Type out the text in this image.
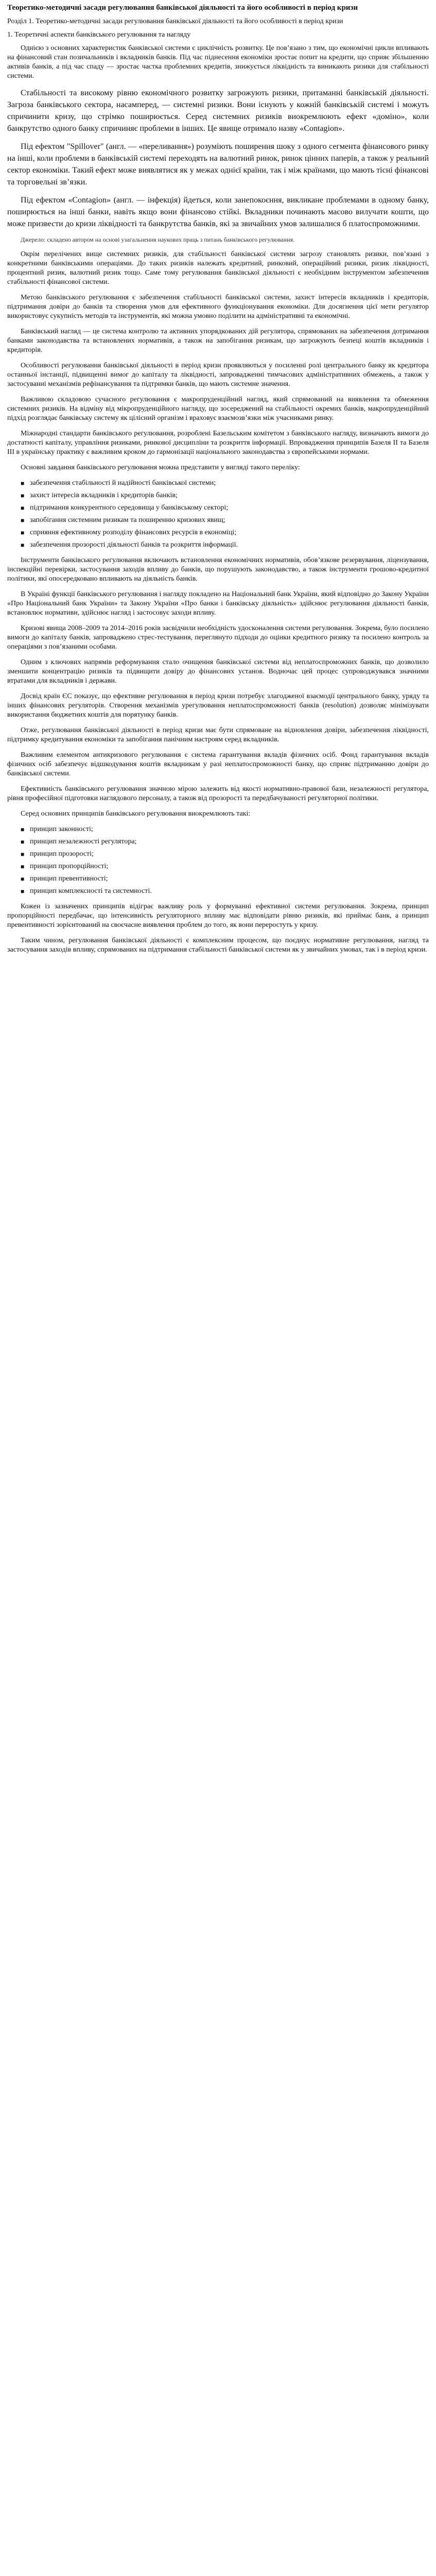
Теоретико-методичні засади регулювання банківської діяльності та його особливості в період кризи
Розділ 1. Теоретико-методичні засади регулювання банківської діяльності та його особливості в період кризи
1. Теоретичні аспекти банківського регулювання та нагляду

Однією з основних характеристик банківської системи є циклічність розвитку. Це пов’язано з тим, що економічні цикли впливають на фінансовий стан позичальників і вкладників банків. Під час піднесення економіки зростає попит на кредити, що сприяє збільшенню активів банків, а під час спаду — зростає частка проблемних кредитів, знижується ліквідність та виникають ризики для стабільності системи.

Стабільності та високому рівню економічного розвитку загрожують ризики, притаманні банківській діяльності. Загроза банківського сектора, насамперед, — системні ризики. Вони існують у кожній банківській системі і можуть спричинити кризу, що стрімко поширюється. Серед системних ризиків виокремлюють ефект «доміно», коли банкрутство одного банку спричиняє проблеми в інших. Це явище отримало назву «Contagion».

Під ефектом "Spillover" (англ. — «переливання») розуміють поширення шоку з одного сегмента фінансового ринку на інші, коли проблеми в банківській системі переходять на валютний ринок, ринок цінних паперів, а також у реальний сектор економіки. Такий ефект може виявлятися як у межах однієї країни, так і між країнами, що мають тісні фінансові та торговельні зв’язки.

Під ефектом «Contagion» (англ. — інфекція) йдеться, коли занепокоєння, викликане проблемами в одному банку, поширюється на інші банки, навіть якщо вони фінансово стійкі. Вкладники починають масово вилучати кошти, що може призвести до кризи ліквідності та банкрутства банків, які за звичайних умов залишалися б платоспроможними.

Джерело: складено автором на основі узагальнення наукових праць з питань банківського регулювання.

Окрім перелічених вище системних ризиків, для стабільності банківської системи загрозу становлять ризики, пов’язані з конкретними банківськими операціями. До таких ризиків належать кредитний, ринковий, операційний ризики, ризик ліквідності, процентний ризик, валютний ризик тощо. Саме тому регулювання банківської діяльності є необхідним інструментом забезпечення стабільності фінансової системи.

Метою банківського регулювання є забезпечення стабільності банківської системи, захист інтересів вкладників і кредиторів, підтримання довіри до банків та створення умов для ефективного функціонування економіки. Для досягнення цієї мети регулятор використовує сукупність методів та інструментів, які можна умовно поділити на адміністративні та економічні.

Банківський нагляд — це система контролю та активних упорядкованих дій регулятора, спрямованих на забезпечення дотримання банками законодавства та встановлених нормативів, а також на запобігання ризикам, що загрожують безпеці коштів вкладників і кредиторів.

Особливості регулювання банківської діяльності в період кризи проявляються у посиленні ролі центрального банку як кредитора останньої інстанції, підвищенні вимог до капіталу та ліквідності, запровадженні тимчасових адміністративних обмежень, а також у застосуванні механізмів рефінансування та підтримки банків, що мають системне значення.

Важливою складовою сучасного регулювання є макропруденційний нагляд, який спрямований на виявлення та обмеження системних ризиків. На відміну від мікропруденційного нагляду, що зосереджений на стабільності окремих банків, макропруденційний підхід розглядає банківську систему як цілісний організм і враховує взаємозв’язки між учасниками ринку.

Міжнародні стандарти банківського регулювання, розроблені Базельським комітетом з банківського нагляду, визначають вимоги до достатності капіталу, управління ризиками, ринкової дисципліни та розкриття інформації. Впровадження принципів Базеля ІІ та Базеля ІІІ в українську практику є важливим кроком до гармонізації національного законодавства з європейськими нормами.

Основні завдання банківського регулювання можна представити у вигляді такого переліку:

■ забезпечення стабільності й надійності банківської системи;
■ захист інтересів вкладників і кредиторів банків;
■ підтримання конкурентного середовища у банківському секторі;
■ запобігання системним ризикам та поширенню кризових явищ;
■ сприяння ефективному розподілу фінансових ресурсів в економіці;
■ забезпечення прозорості діяльності банків та розкриття інформації.

Інструменти банківського регулювання включають встановлення економічних нормативів, обов’язкове резервування, ліцензування, інспекційні перевірки, застосування заходів впливу до банків, що порушують законодавство, а також інструменти грошово-кредитної політики, які опосередковано впливають на діяльність банків.

В Україні функції банківського регулювання і нагляду покладено на Національний банк України, який відповідно до Закону України «Про Національний банк України» та Закону України «Про банки і банківську діяльність» здійснює регулювання діяльності банків, встановлює нормативи, здійснює нагляд і застосовує заходи впливу.

Кризові явища 2008–2009 та 2014–2016 років засвідчили необхідність удосконалення системи регулювання. Зокрема, було посилено вимоги до капіталу банків, запроваджено стрес-тестування, переглянуто підходи до оцінки кредитного ризику та посилено контроль за операціями з пов’язаними особами.

Одним з ключових напрямів реформування стало очищення банківської системи від неплатоспроможних банків, що дозволило зменшити концентрацію ризиків та підвищити довіру до фінансових установ. Водночас цей процес супроводжувався значними втратами для вкладників і держави.

Досвід країн ЄС показує, що ефективне регулювання в період кризи потребує злагодженої взаємодії центрального банку, уряду та інших фінансових регуляторів. Створення механізмів урегулювання неплатоспроможності банків (resolution) дозволяє мінімізувати використання бюджетних коштів для порятунку банків.

Отже, регулювання банківської діяльності в період кризи має бути спрямоване на відновлення довіри, забезпечення ліквідності, підтримку кредитування економіки та запобігання панічним настроям серед вкладників.

Важливим елементом антикризового регулювання є система гарантування вкладів фізичних осіб. Фонд гарантування вкладів фізичних осіб забезпечує відшкодування коштів вкладникам у разі неплатоспроможності банку, що сприяє підтриманню довіри до банківської системи.

Ефективність банківського регулювання значною мірою залежить від якості нормативно-правової бази, незалежності регулятора, рівня професійної підготовки наглядового персоналу, а також від прозорості та передбачуваності регуляторної політики.

Серед основних принципів банківського регулювання виокремлюють такі:

■ принцип законності;
■ принцип незалежності регулятора;
■ принцип прозорості;
■ принцип пропорційності;
■ принцип превентивності;
■ принцип комплексності та системності.

Кожен із зазначених принципів відіграє важливу роль у формуванні ефективної системи регулювання. Зокрема, принцип пропорційності передбачає, що інтенсивність регуляторного впливу має відповідати рівню ризиків, які приймає банк, а принцип превентивності зорієнтований на своєчасне виявлення проблем до того, як вони переростуть у кризу.

Таким чином, регулювання банківської діяльності є комплексним процесом, що поєднує нормативне регулювання, нагляд та застосування заходів впливу, спрямованих на підтримання стабільності банківської системи як у звичайних умовах, так і в період кризи.
